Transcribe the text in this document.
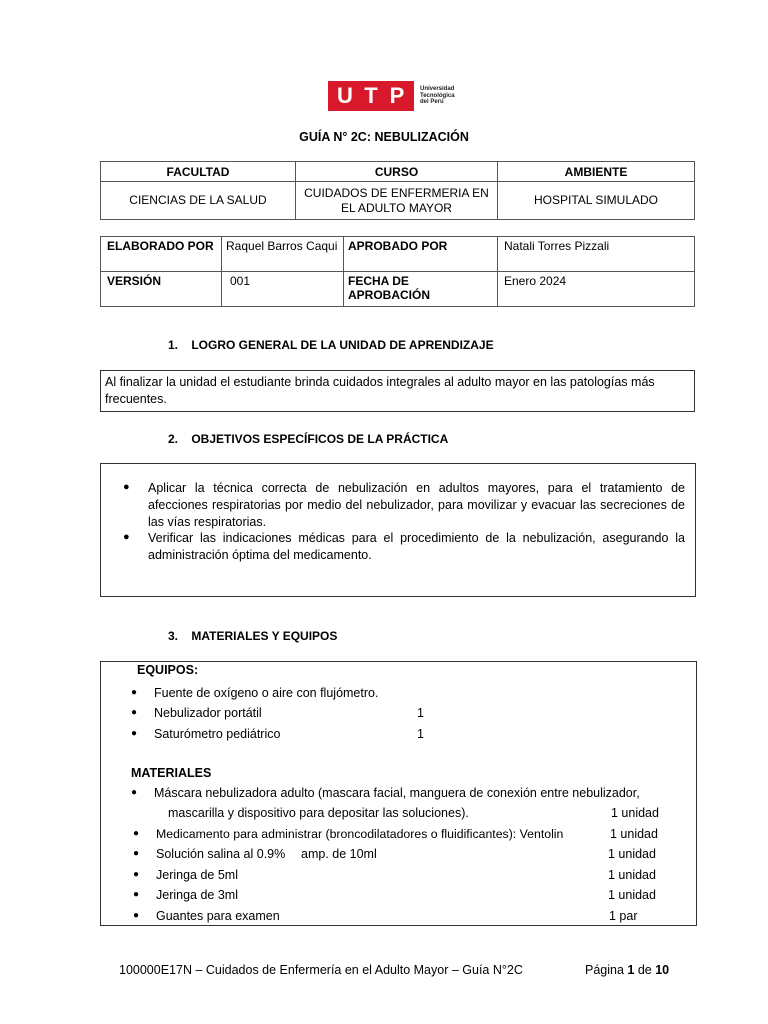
U T P	Universidad
Tecnológica
del Perú
GUÍA N° 2C: NEBULIZACIÓN
FACULTAD	CURSO	AMBIENTE
CIENCIAS DE LA SALUD	CUIDADOS DE ENFERMERIA EN EL ADULTO MAYOR	HOSPITAL SIMULADO
ELABORADO POR	Raquel Barros Caqui	APROBADO POR	Natali Torres Pizzali
VERSIÓN	001	FECHA DE APROBACIÓN	Enero 2024
1.    LOGRO GENERAL DE LA UNIDAD DE APRENDIZAJE
Al finalizar la unidad el estudiante brinda cuidados integrales al adulto mayor en las patologías más frecuentes.
2.    OBJETIVOS ESPECÍFICOS DE LA PRÁCTICA
● Aplicar la técnica correcta de nebulización en adultos mayores, para el tratamiento de afecciones respiratorias por medio del nebulizador, para movilizar y evacuar las secreciones de las vías respiratorias.
● Verificar las indicaciones médicas para el procedimiento de la nebulización, asegurando la administración óptima del medicamento.
3.    MATERIALES Y EQUIPOS
EQUIPOS:
● Fuente de oxígeno o aire con flujómetro.
● Nebulizador portátil	1
● Saturómetro pediátrico	1
MATERIALES
● Máscara nebulizadora adulto (mascara facial, manguera de conexión entre nebulizador,
mascarilla y dispositivo para depositar las soluciones).	1 unidad
● Medicamento para administrar (broncodilatadores o fluidificantes): Ventolin	1 unidad
● Solución salina al 0.9% amp. de 10ml	1 unidad
● Jeringa de 5ml	1 unidad
● Jeringa de 3ml	1 unidad
● Guantes para examen	1 par
100000E17N – Cuidados de Enfermería en el Adulto Mayor – Guía N°2C	Página 1 de 10
